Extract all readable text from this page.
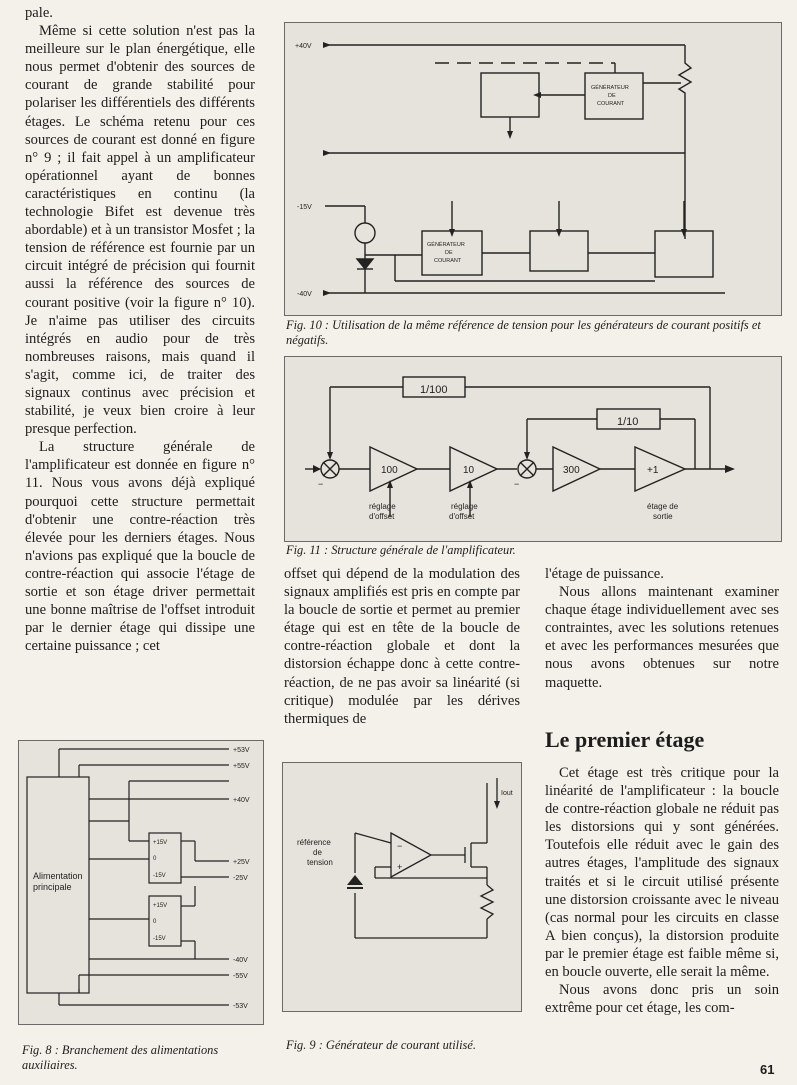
pale.

Même si cette solution n'est pas la meilleure sur le plan énergétique, elle nous permet d'obtenir des sources de courant de grande stabilité pour polariser les différentiels des différents étages. Le schéma retenu pour ces sources de courant est donné en figure n° 9 ; il fait appel à un amplificateur opérationnel ayant de bonnes caractéristiques en continu (la technologie Bifet est devenue très abordable) et à un transistor Mosfet ; la tension de référence est fournie par un circuit intégré de précision qui fournit aussi la référence des sources de courant positive (voir la figure n° 10). Je n'aime pas utiliser des circuits intégrés en audio pour de très nombreuses raisons, mais quand il s'agit, comme ici, de traiter des signaux continus avec précision et stabilité, je veux bien croire à leur presque perfection.

La structure générale de l'amplificateur est donnée en figure n° 11. Nous vous avons déjà expliqué pourquoi cette structure permettait d'obtenir une contre-réaction très élevée pour les derniers étages. Nous n'avions pas expliqué que la boucle de contre-réaction qui associe l'étage de sortie et son étage driver permettait une bonne maîtrise de l'offset introduit par le dernier étage qui dissipe une certaine puissance ; cet

offset qui dépend de la modulation des signaux amplifiés est pris en compte par la boucle de sortie et permet au premier étage qui est en tête de la boucle de contre-réaction globale et dont la distorsion échappe donc à cette contre-réaction, de ne pas avoir sa linéarité (si critique) modulée par les dérives thermiques de

l'étage de puissance.

Nous allons maintenant examiner chaque étage individuellement avec ses contraintes, avec les solutions retenues et avec les performances mesurées que nous avons obtenues sur notre maquette.

Le premier étage

Cet étage est très critique pour la linéarité de l'amplificateur : la boucle de contre-réaction globale ne réduit pas les distorsions qui y sont générées. Toutefois elle réduit avec le gain des autres étages, l'amplitude des signaux traités et si le circuit utilisé présente une distorsion croissante avec le niveau (cas normal pour les circuits en classe A bien conçus), la distorsion produite par le premier étage est faible même si, en boucle ouverte, elle serait la même.

Nous avons donc pris un soin extrême pour cet étage, les com-

+40V
-15V
-40V
GÉNÉRATEUR
DE
COURANT
GÉNÉRATEUR
DE
COURANT
Fig. 10 : Utilisation de la même référence de tension pour les générateurs de courant positifs et négatifs.
−	−
1/100
1/10
100	10	300	+1
réglage
d'offset
réglage
d'offset
étage de
sortie
Fig. 11 : Structure générale de l'amplificateur.
Alimentation
principale
+53V
+55V
+40V
+25V
-25V
-40V
-55V
-53V
+15V
0
-15V
+15V
0
-15V
Fig. 8 : Branchement des alimentations auxiliaires.
−
+
référence
de
tension
Iout
Fig. 9 : Générateur de courant utilisé.
61
